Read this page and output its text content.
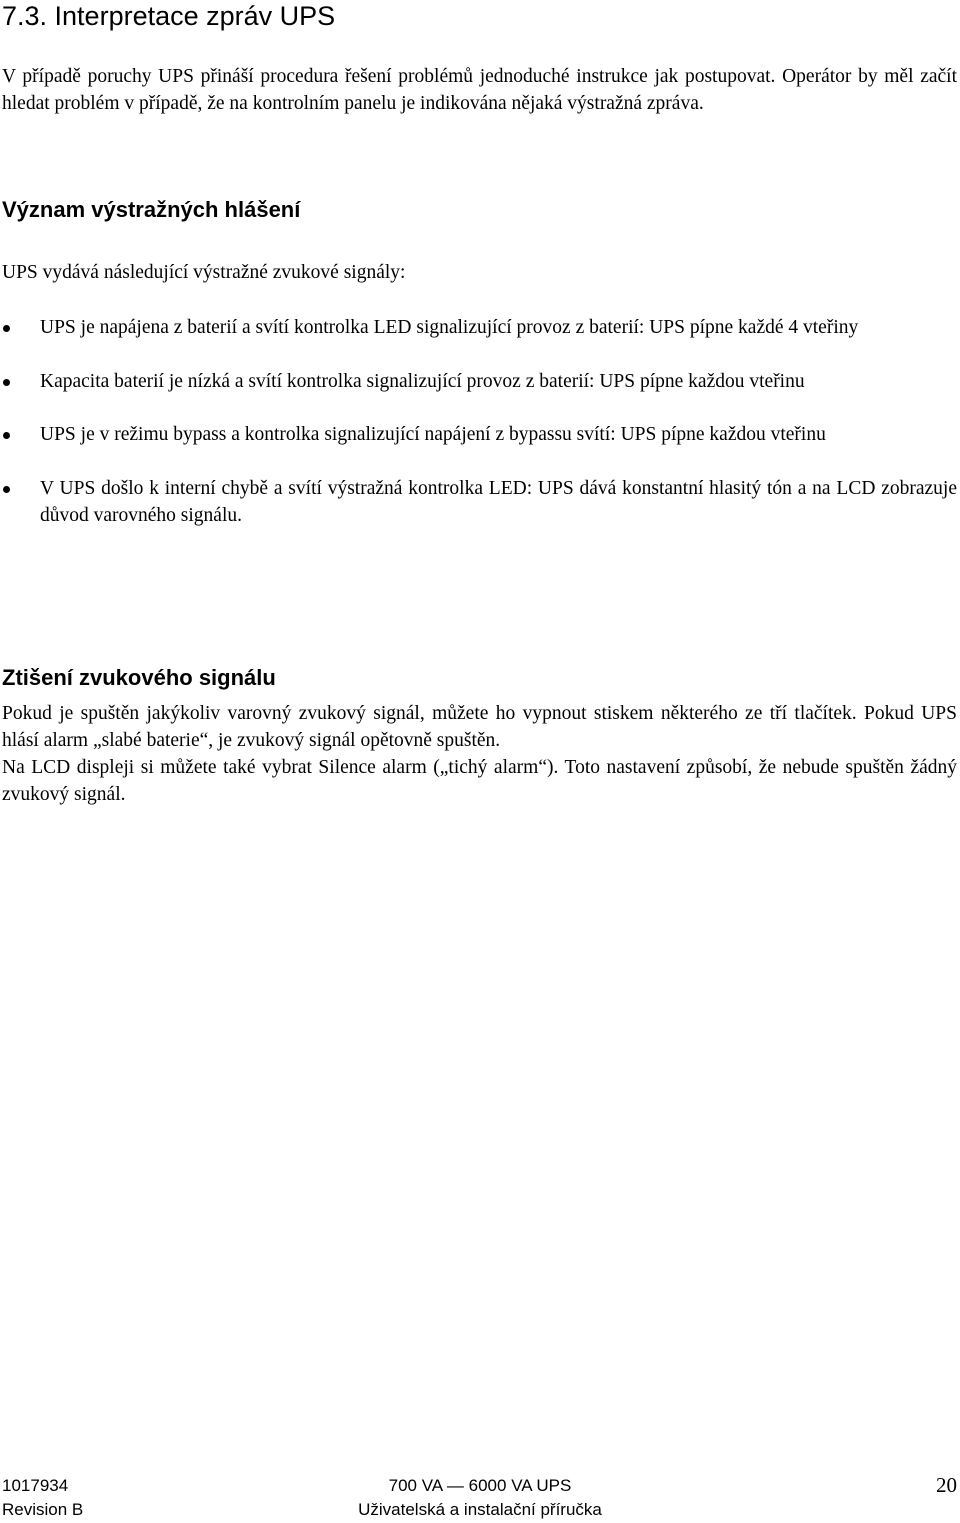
7.3. Interpretace zpráv UPS

V případě poruchy UPS přináší procedura řešení problémů jednoduché instrukce jak postupovat. Operátor by měl začít hledat problém v případě, že na kontrolním panelu je indikována nějaká výstražná zpráva.

Význam výstražných hlášení

UPS vydává následující výstražné zvukové signály:

UPS je napájena z baterií a svítí kontrolka LED signalizující provoz z baterií: UPS pípne každé 4 vteřiny
Kapacita baterií je nízká a svítí kontrolka signalizující provoz z baterií: UPS pípne každou vteřinu
UPS je v režimu bypass a kontrolka signalizující napájení z bypassu svítí: UPS pípne každou vteřinu
V UPS došlo k interní chybě a svítí výstražná kontrolka LED: UPS dává konstantní hlasitý tón a na LCD zobrazuje důvod varovného signálu.
Ztišení zvukového signálu

Pokud je spuštěn jakýkoliv varovný zvukový signál, můžete ho vypnout stiskem některého ze tří tlačítek. Pokud UPS hlásí alarm „slabé baterie“, je zvukový signál opětovně spuštěn.

Na LCD displeji si můžete také vybrat Silence alarm („tichý alarm“). Toto nastavení způsobí, že nebude spuštěn žádný zvukový signál.

1017934
Revision B
700 VA — 6000 VA UPS
Uživatelská a instalační příručka
20
